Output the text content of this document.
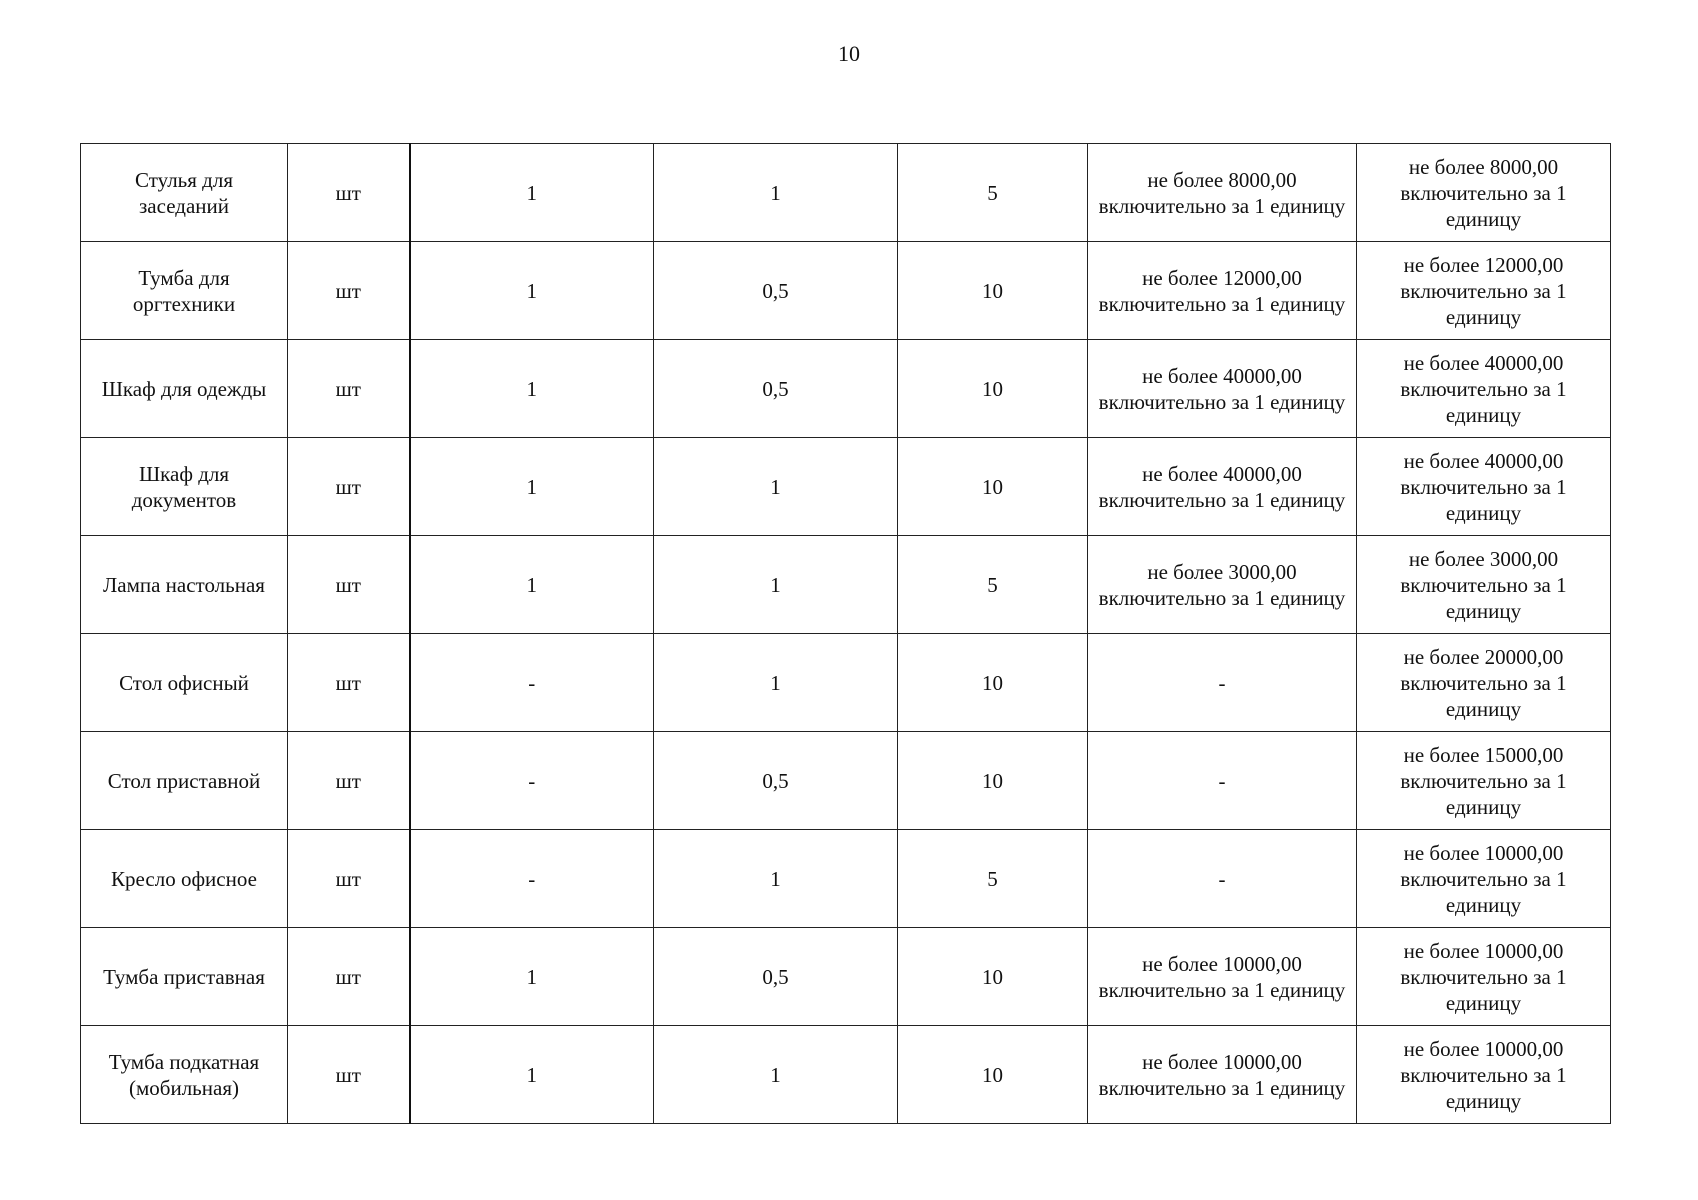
10
Стулья для заседаний	шт	1	1	5	не более 8000,00 включительно за 1 единицу	не более 8000,00 включительно за 1 единицу
Тумба для оргтехники	шт	1	0,5	10	не более 12000,00 включительно за 1 единицу	не более 12000,00 включительно за 1 единицу
Шкаф для одежды	шт	1	0,5	10	не более 40000,00 включительно за 1 единицу	не более 40000,00 включительно за 1 единицу
Шкаф для документов	шт	1	1	10	не более 40000,00 включительно за 1 единицу	не более 40000,00 включительно за 1 единицу
Лампа настольная	шт	1	1	5	не более 3000,00 включительно за 1 единицу	не более 3000,00 включительно за 1 единицу
Стол офисный	шт	-	1	10	-	не более 20000,00 включительно за 1 единицу
Стол приставной	шт	-	0,5	10	-	не более 15000,00 включительно за 1 единицу
Кресло офисное	шт	-	1	5	-	не более 10000,00 включительно за 1 единицу
Тумба приставная	шт	1	0,5	10	не более 10000,00 включительно за 1 единицу	не более 10000,00 включительно за 1 единицу
Тумба подкатная (мобильная)	шт	1	1	10	не более 10000,00 включительно за 1 единицу	не более 10000,00 включительно за 1 единицу
